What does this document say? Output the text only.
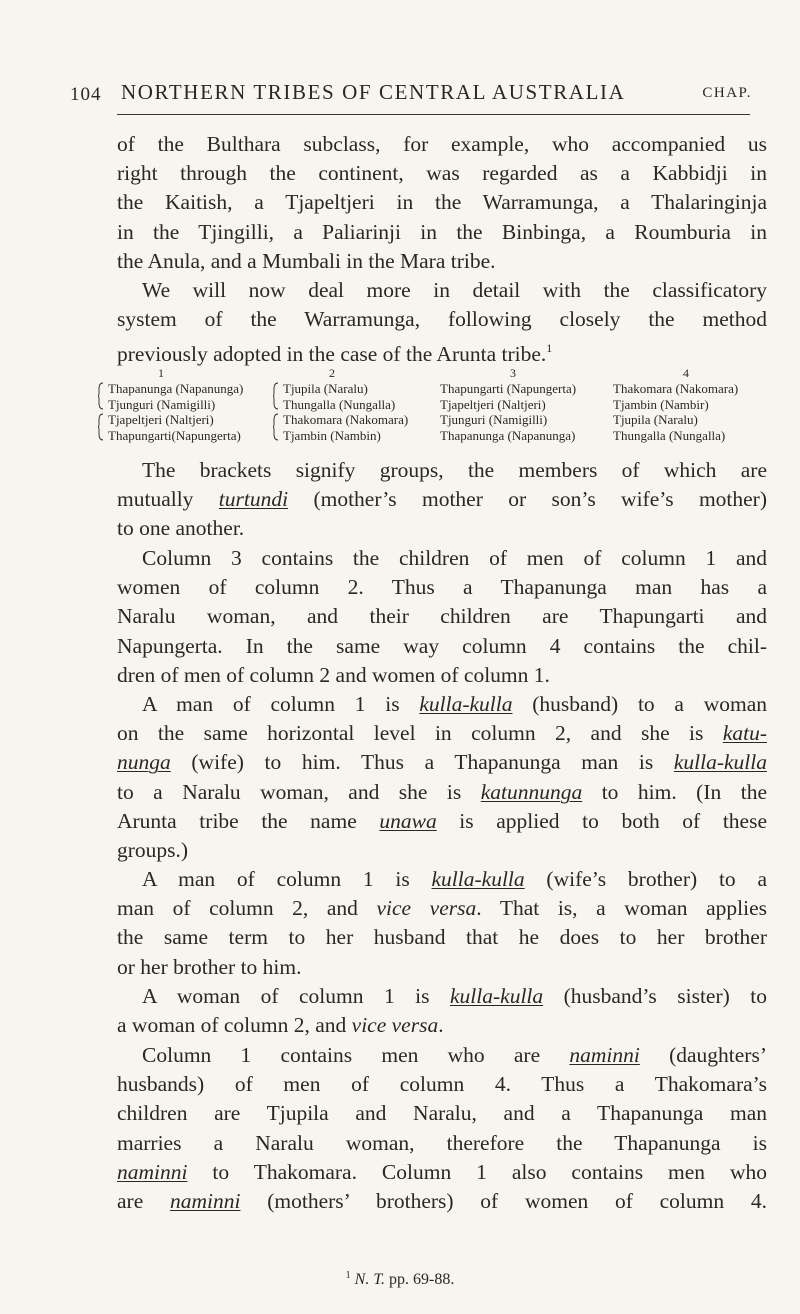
104 NORTHERN TRIBES OF CENTRAL AUSTRALIA	CHAP.
of the Bulthara subclass, for example, who accompanied us
right through the continent, was regarded as a Kabbidji in
the Kaitish, a Tjapeltjeri in the Warramunga, a Thalaringinja
in the Tjingilli, a Paliarinji in the Binbinga, a Roumburia in
the Anula, and a Mumbali in the Mara tribe.
We will now deal more in detail with the classificatory
system of the Warramunga, following closely the method
previously adopted in the case of the Arunta tribe.$^1$
1
Thapanunga (Napanunga)
Tjunguri (Namigilli)
Tjapeltjeri (Naltjeri)
Thapungarti(Napungerta)
2
Tjupila (Naralu)
Thungalla (Nungalla)
Thakomara (Nakomara)
Tjambin (Nambin)
3
Thapungarti (Napungerta)
Tjapeltjeri (Naltjeri)
Tjunguri (Namigilli)
Thapanunga (Napanunga)
4
Thakomara (Nakomara)
Tjambin (Nambir)
Tjupila (Naralu)
Thungalla (Nungalla)
The brackets signify groups, the members of which are
mutually turtundi (mother’s mother or son’s wife’s mother)
to one another.
Column 3 contains the children of men of column 1 and
women of column 2. Thus a Thapanunga man has a
Naralu woman, and their children are Thapungarti and
Napungerta. In the same way column 4 contains the chil-
dren of men of column 2 and women of column 1.
A man of column 1 is kulla-kulla (husband) to a woman
on the same horizontal level in column 2, and she is katu-
nunga (wife) to him. Thus a Thapanunga man is kulla-kulla
to a Naralu woman, and she is katunnunga to him. (In the
Arunta tribe the name unawa is applied to both of these
groups.)
A man of column 1 is kulla-kulla (wife’s brother) to a
man of column 2, and vice versa. That is, a woman applies
the same term to her husband that he does to her brother
or her brother to him.
A woman of column 1 is kulla-kulla (husband’s sister) to
a woman of column 2, and vice versa.
Column 1 contains men who are naminni (daughters’
husbands) of men of column 4. Thus a Thakomara’s
children are Tjupila and Naralu, and a Thapanunga man
marries a Naralu woman, therefore the Thapanunga is
naminni to Thakomara. Column 1 also contains men who
are naminni (mothers’ brothers) of women of column 4.
$^1$ N. T. pp. 69-88.
